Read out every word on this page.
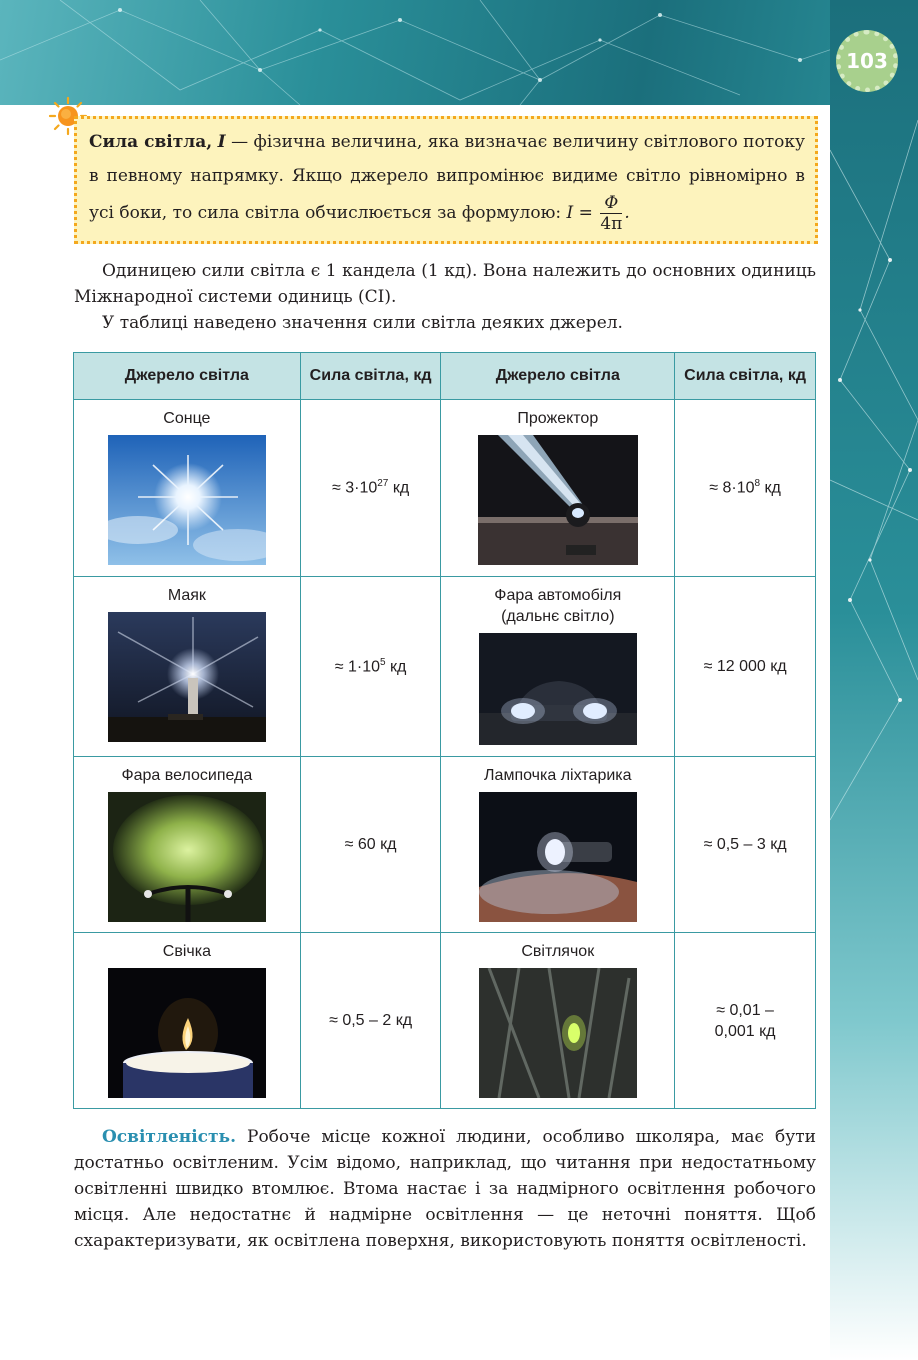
103
Сила світла, I — фізична величина, яка визначає величину світлового потоку в певному напрямку. Якщо джерело випромінює видиме світло рівномірно в усі боки, то сила світла обчислюється за формулою: $I = \frac{\Phi}{4\pi}$ .

Одиницею сили світла є 1 кандела (1 кд). Вона належить до основних одиниць Міжнародної системи одиниць (СІ).

У таблиці наведено значення сили світла деяких джерел.

Джерело світла	Сила світла, кд	Джерело світла	Сила світла, кд

Сонце	≈ $3\cdot 10^{27}$ кд	Прожектор	≈ $8\cdot 10^8$ кд

Маяк	≈ $1\cdot 10^5$ кд	Фара автомобіля (дальнє світло)	≈ 12 000 кд

Фара велосипеда	≈ 60 кд	Лампочка ліхтарика	≈ 0,5 – 3 кд

Свічка	≈ 0,5 – 2 кд	Світлячок	≈ 0,01 – 0,001 кд

Освітленість. Робоче місце кожної людини, особливо школяра, має бути достатньо освітленим. Усім відомо, наприклад, що читання при недостатньому освітленні швидко втомлює. Втома настає і за надмірного освітлення робочого місця. Але недостатнє й надмірне освітлення — це неточні поняття. Щоб схарактеризувати, як освітлена поверхня, використовують поняття освітленості.
